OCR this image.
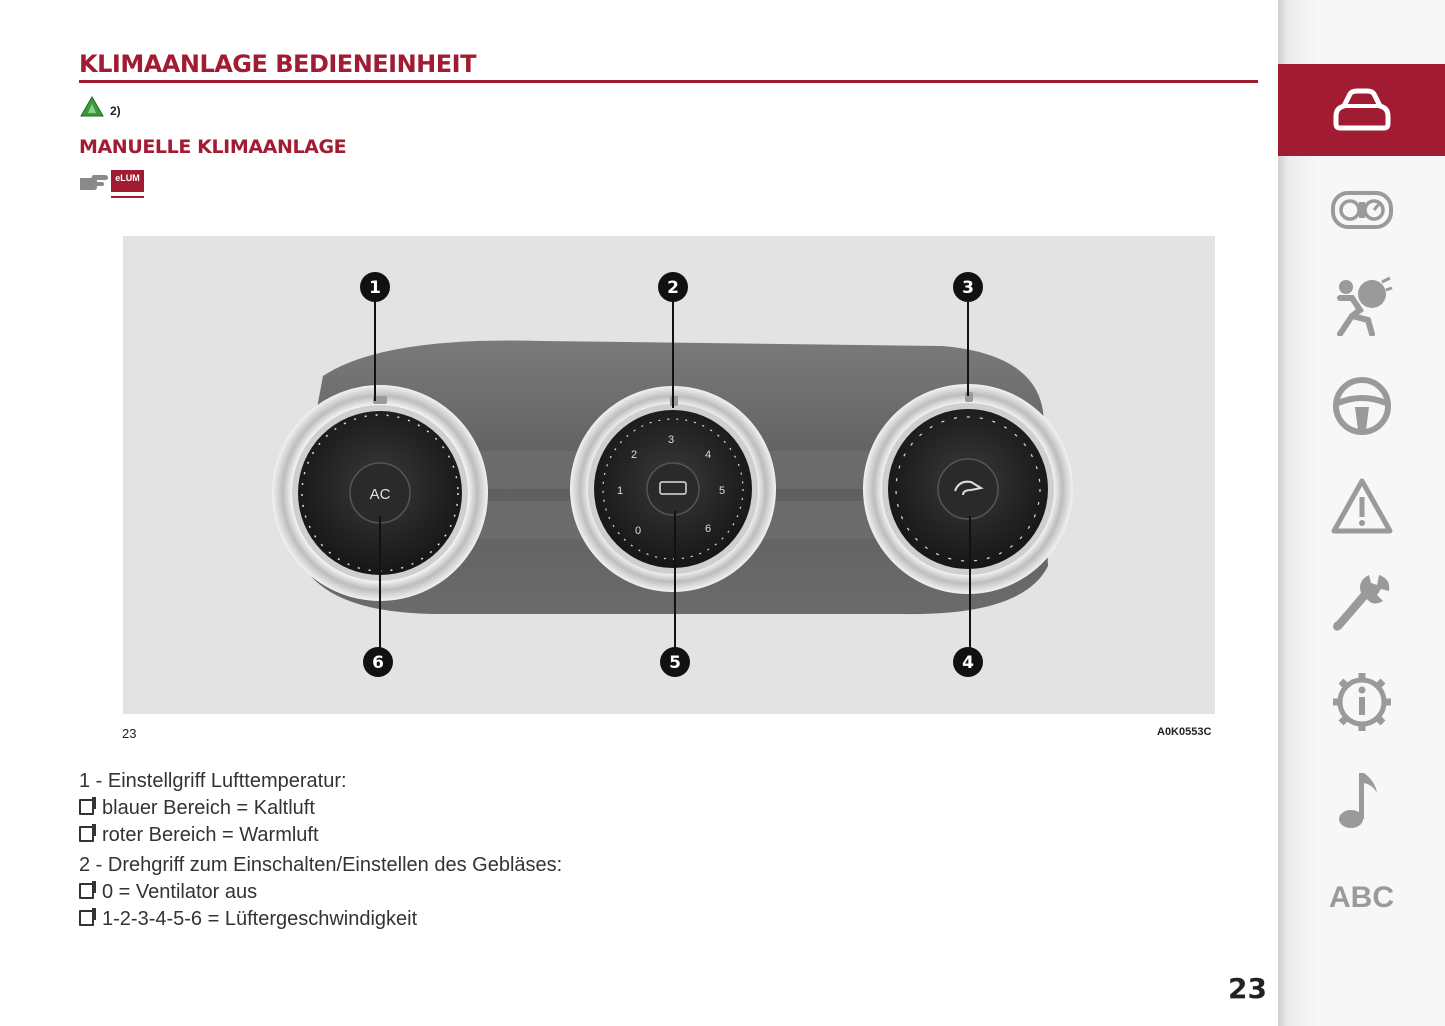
KLIMAANLAGE BEDIENEINHEIT
2)
MANUELLE KLIMAANLAGE
eLUM
AC
0
1
2
3
4
5
6
1	2	3
4
5
6
23	A0K0553C
1 - Einstellgriff Lufttemperatur:
blauer Bereich = Kaltluft
roter Bereich = Warmluft
2 - Drehgriff zum Einschalten/Einstellen des Gebläses:
0 = Ventilator aus
1-2-3-4-5-6 = Lüftergeschwindigkeit
23
ABC
